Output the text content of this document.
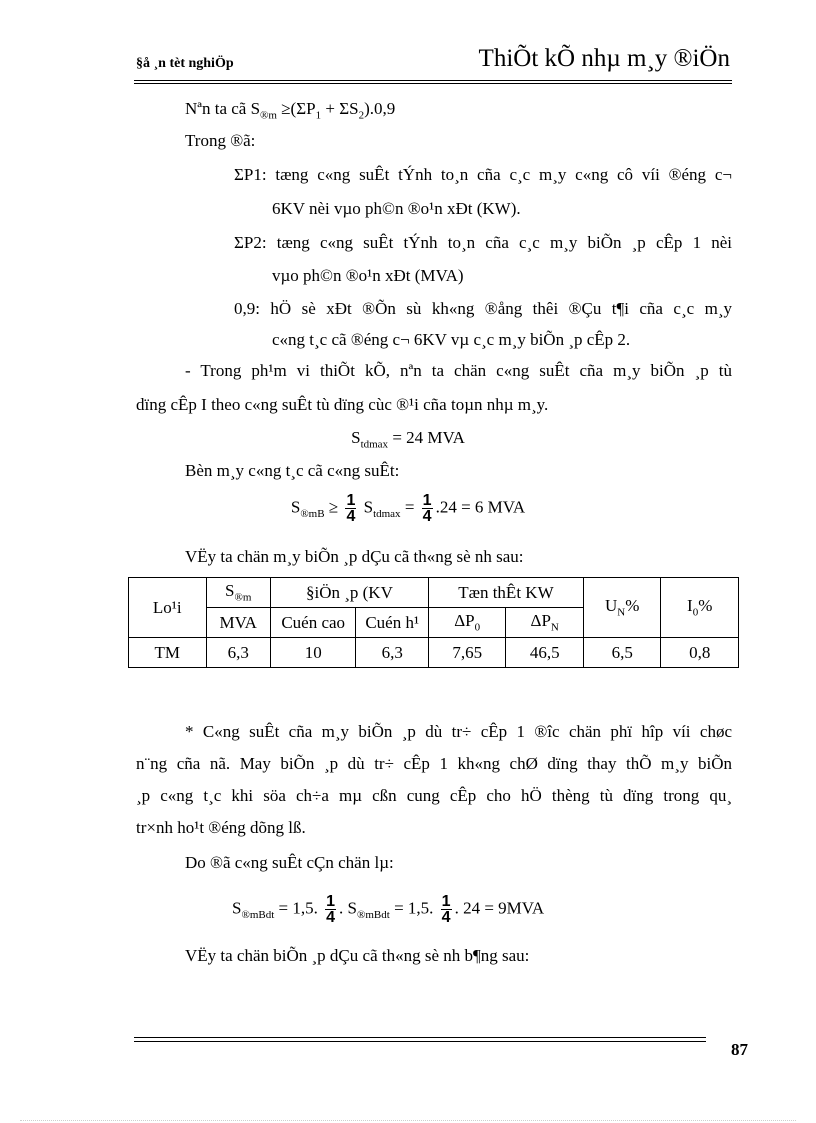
§å ¸n tèt nghiÖp	ThiÕt kÕ nhµ m¸y ®iÖn
Nªn ta cã $S_{®m} \ge(\Sigma P_1 + \Sigma S_2).0,9$
Trong ®ã:
ΣP1: tæng c«ng suÊt tÝnh to¸n cña c¸c m¸y c«ng cô víi ®éng c¬
6KV nèi vµo ph©n ®o¹n xÐt (KW).
ΣP2: tæng c«ng suÊt tÝnh to¸n cña c¸c m¸y biÕn ¸p cÊp 1 nèi
vµo ph©n ®o¹n xÐt (MVA)
0,9: hÖ sè xÐt ®Õn sù kh«ng ®ång thêi ®Çu t¶i cña c¸c m¸y
c«ng t¸c cã ®éng c¬ 6KV vµ c¸c m¸y biÕn ¸p cÊp 2.
- Trong ph¹m vi thiÕt kÕ, nªn ta chän c«ng suÊt cña m¸y biÕn ¸p tù
dïng cÊp I theo c«ng suÊt tù dïng cùc ®¹i cña toµn nhµ m¸y.
$S_{tdmax} = 24$ MVA
Bèn m¸y c«ng t¸c cã c«ng suÊt:
$S_{®mB} \ge \frac{1}{4} S_{tdmax} = \frac{1}{4} .24 = 6$ MVA
VËy ta chän m¸y biÕn ¸p dÇu cã th«ng sè nh sau:
Lo¹i	$S_{®m}$	§iÖn ¸p (KV		Tæn thÊt KW		$U_N\%$	$I_0\%$
	MVA	Cuén cao	Cuén h¹	$\Delta P_0$	$\Delta P_N$
TM	6,3	10	6,3	7,65	46,5	6,5	0,8
* C«ng suÊt cña m¸y biÕn ¸p dù tr÷ cÊp 1 ®îc chän phï hîp víi chøc
n¨ng cña nã. May biÕn ¸p dù tr÷ cÊp 1 kh«ng chØ dïng thay thÕ m¸y biÕn
¸p c«ng t¸c khi söa ch÷a mµ cßn cung cÊp cho hÖ thèng tù dïng trong qu¸
tr×nh ho¹t ®éng dõng lß.
Do ®ã c«ng suÊt cÇn chän lµ:
$S_{®mBdt} = 1,5$. $\frac{1}{4}$ . $S_{®mBdt} = 1,5$. $\frac{1}{4}$ . 24 = 9MVA
VËy ta chän biÕn ¸p dÇu cã th«ng sè nh b¶ng sau:
87
